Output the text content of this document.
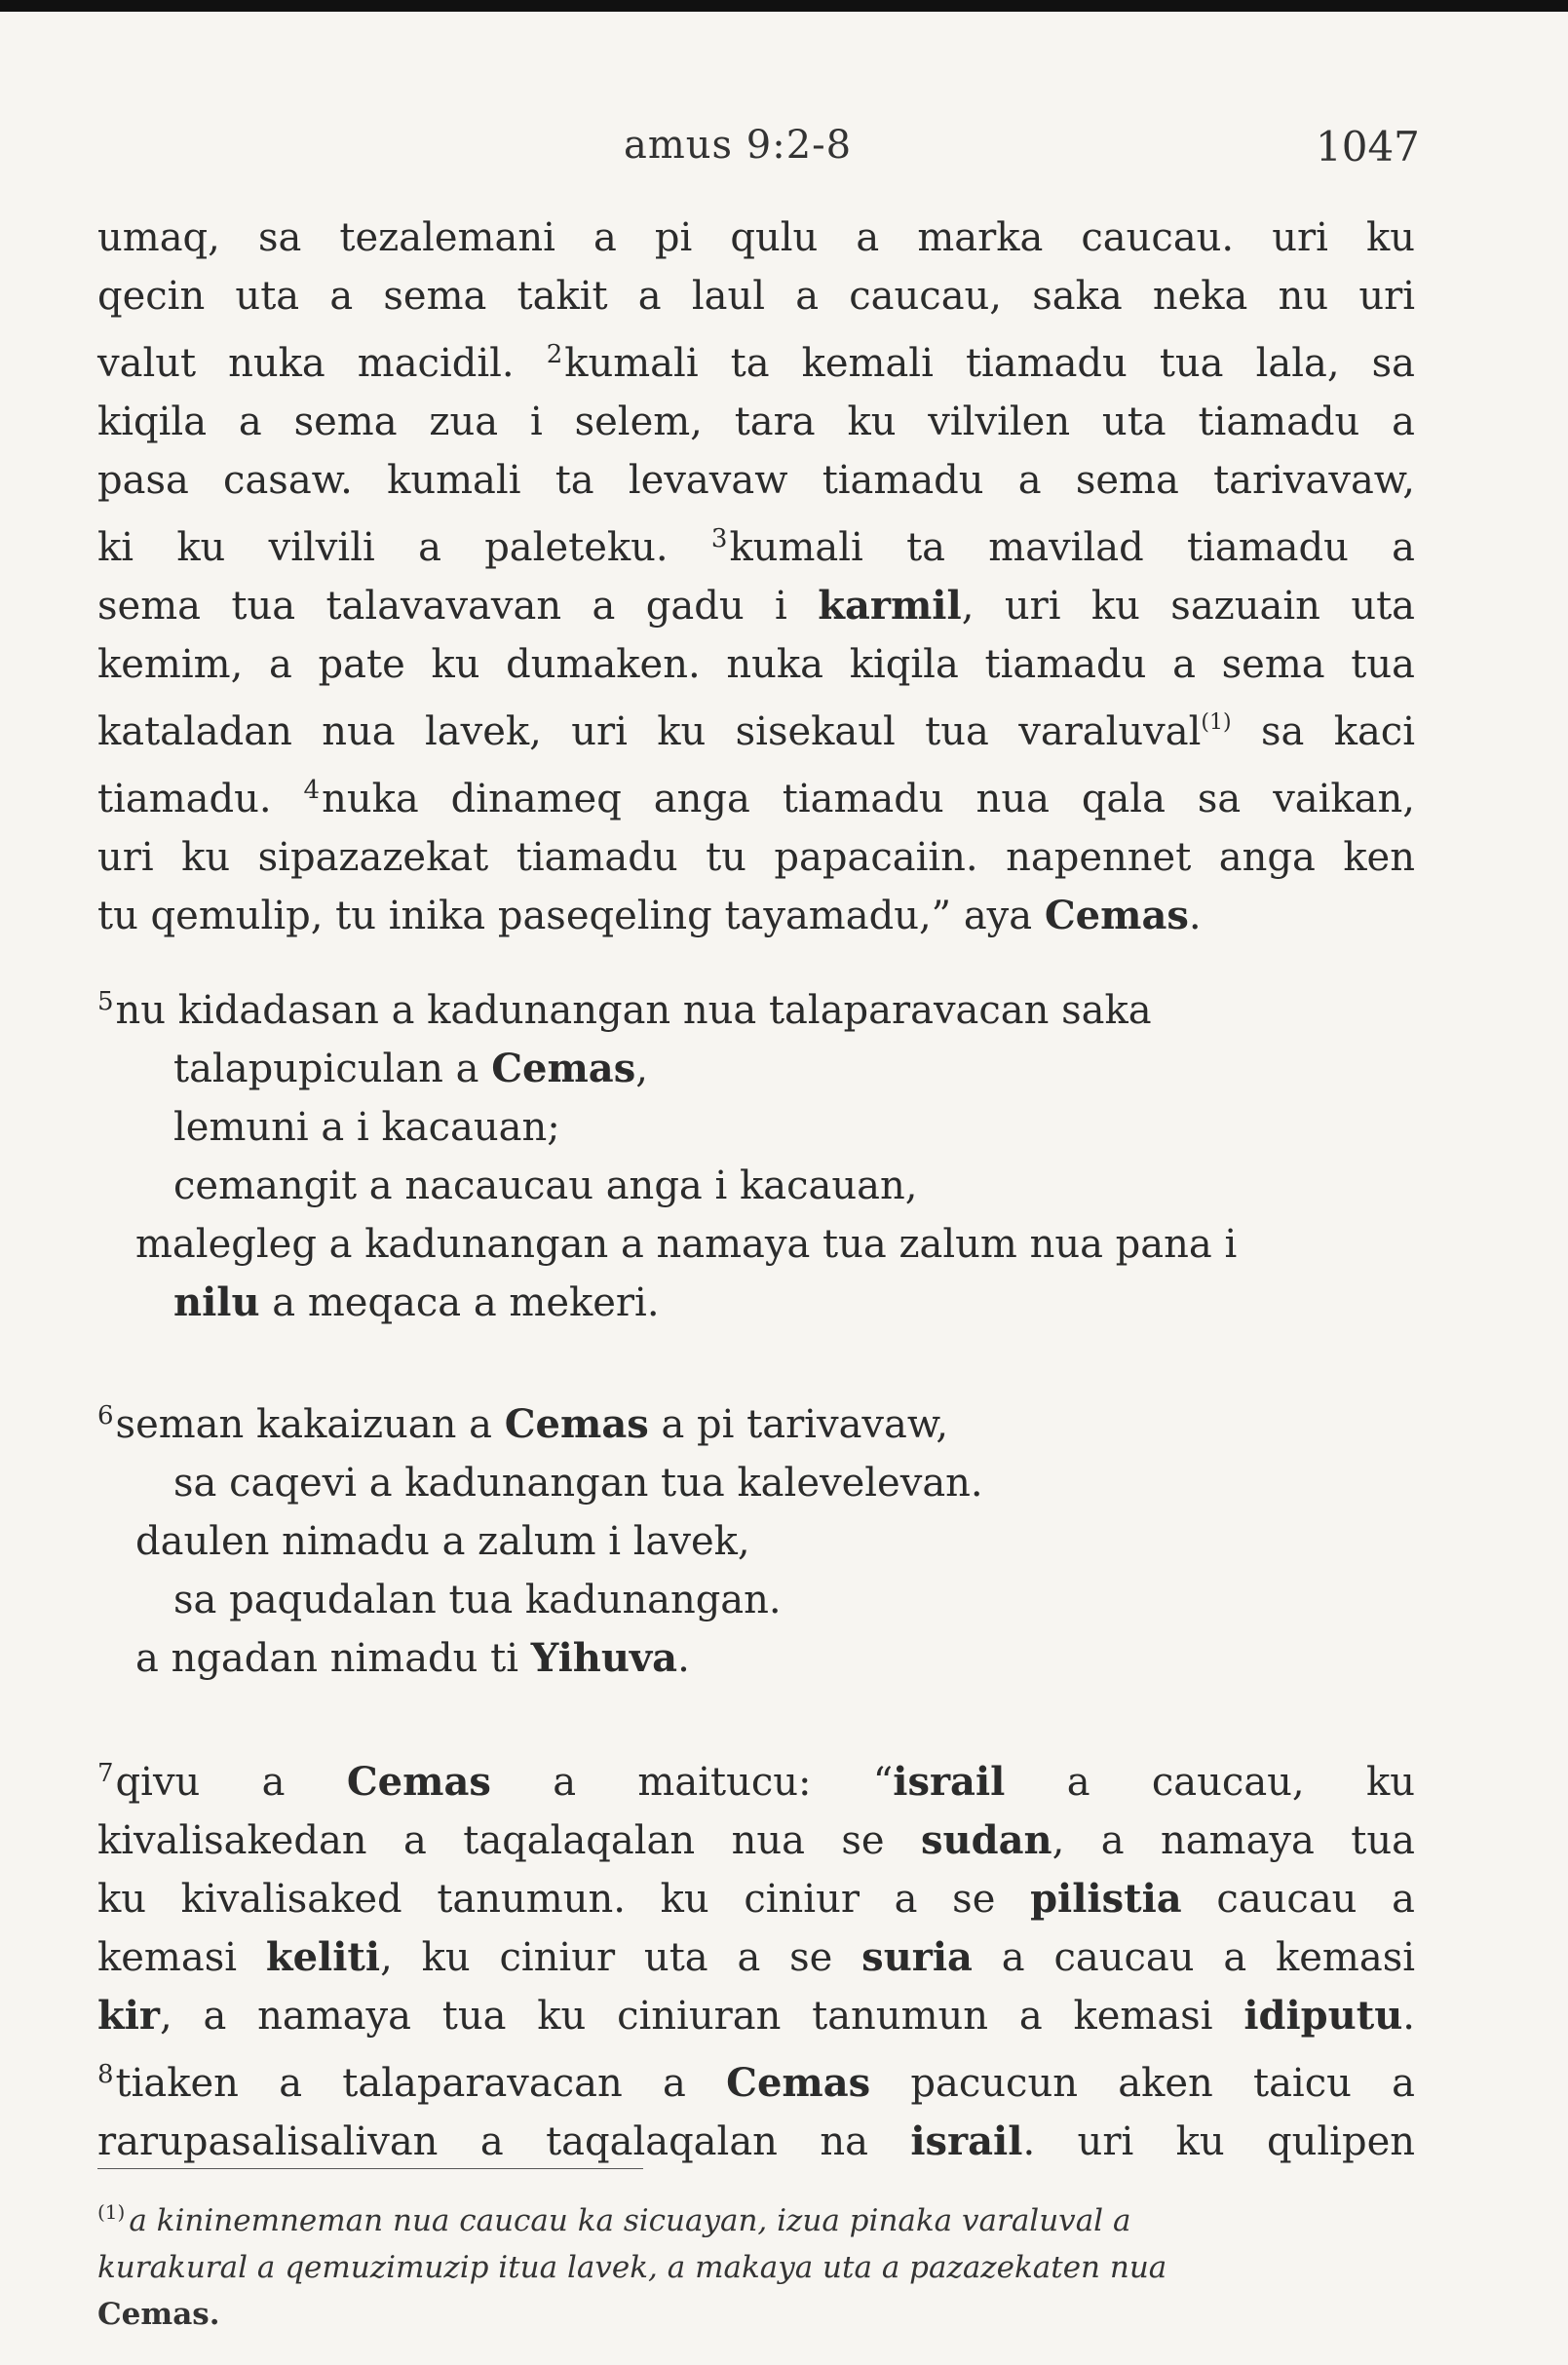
amus 9:2-8	1047
umaq, sa tezalemani a pi qulu a marka caucau. uri ku
qecin uta a sema takit a laul a caucau, saka neka nu uri
valut nuka macidil. $^2$kumali ta kemali tiamadu tua lala, sa
kiqila a sema zua i selem, tara ku vilvilen uta tiamadu a
pasa casaw. kumali ta levavaw tiamadu a sema tarivavaw,
ki ku vilvili a paleteku. $^3$kumali ta mavilad tiamadu a
sema tua talavavavan a gadu i karmil, uri ku sazuain uta
kemim, a pate ku dumaken. nuka kiqila tiamadu a sema tua
kataladan nua lavek, uri ku sisekaul tua varaluval$^{(1)}$ sa kaci
tiamadu. $^4$nuka dinameq anga tiamadu nua qala sa vaikan,
uri ku sipazazekat tiamadu tu papacaiin. napennet anga ken
tu qemulip, tu inika paseqeling tayamadu,” aya Cemas.
$^5$nu kidadasan a kadunangan nua talaparavacan saka
talapupiculan a Cemas,
lemuni a i kacauan;
cemangit a nacaucau anga i kacauan,
malegleg a kadunangan a namaya tua zalum nua pana i
nilu a meqaca a mekeri.
$^6$seman kakaizuan a Cemas a pi tarivavaw,
sa caqevi a kadunangan tua kalevelevan.
daulen nimadu a zalum i lavek,
sa paqudalan tua kadunangan.
a ngadan nimadu ti Yihuva.
$^7$qivu a Cemas a maitucu: “israil a caucau, ku
kivalisakedan a taqalaqalan nua se sudan, a namaya tua
ku kivalisaked tanumun. ku ciniur a se pilistia caucau a
kemasi keliti, ku ciniur uta a se suria a caucau a kemasi
kir, a namaya tua ku ciniuran tanumun a kemasi idiputu.
$^8$tiaken a talaparavacan a Cemas pacucun aken taicu a
rarupasalisalivan a taqalaqalan na israil. uri ku qulipen
$^{(1)}$ a kininemneman nua caucau ka sicuayan, izua pinaka varaluval a
kurakural a qemuzimuzip itua lavek, a makaya uta a pazazekaten nua
Cemas.
